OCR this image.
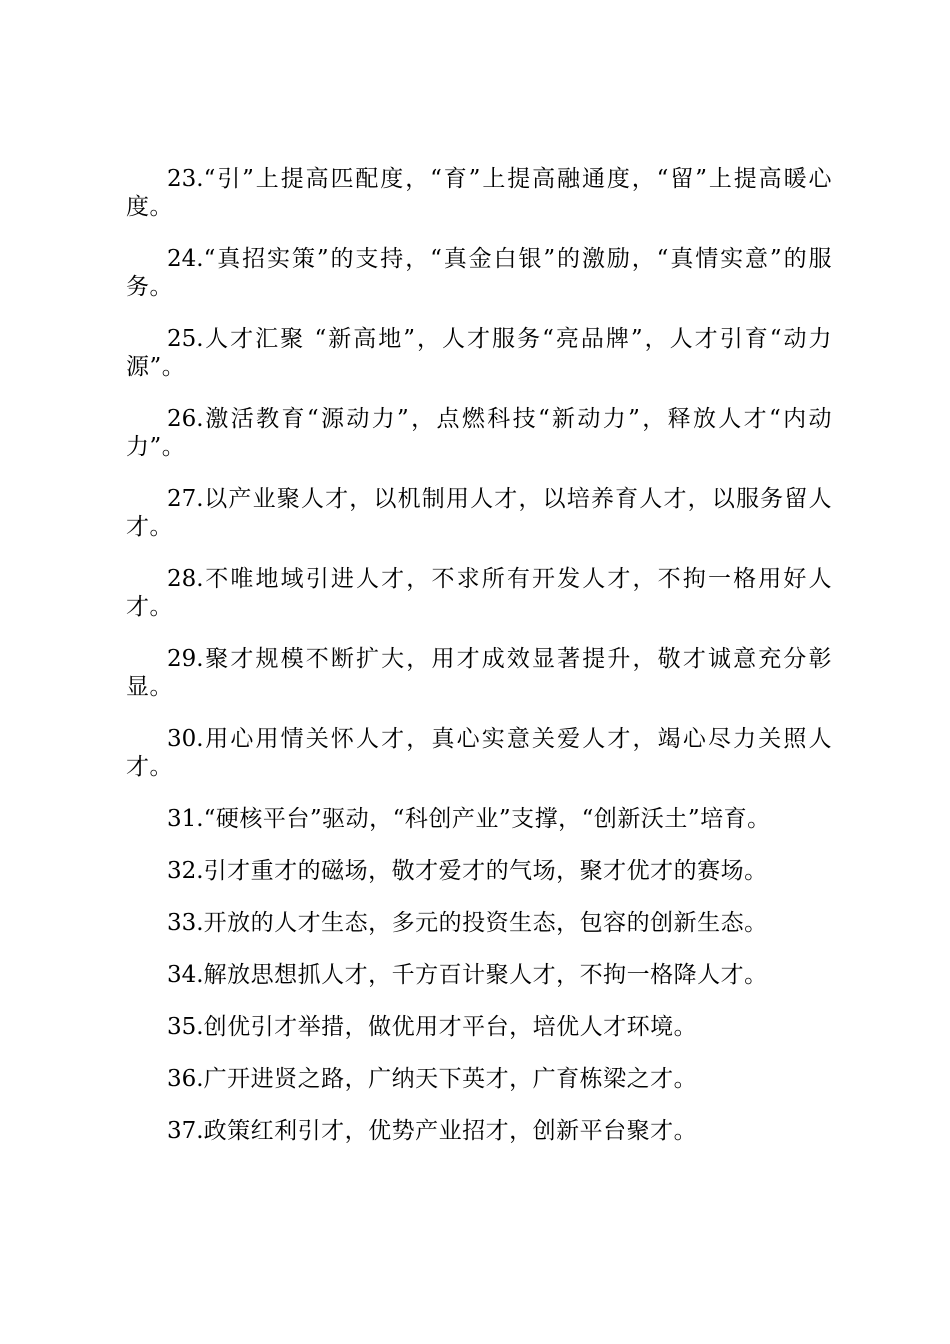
23.“引”上提高匹配度，“育”上提高融通度，“留”上提高暖心度。

24.“真招实策”的支持，“真金白银”的激励，“真情实意”的服务。

25.人才汇聚 “新高地”，人才服务“亮品牌”，人才引育“动力源”。

26.激活教育“源动力”，点燃科技“新动力”，释放人才“内动力”。

27.以产业聚人才，以机制用人才，以培养育人才，以服务留人才。

28.不唯地域引进人才，不求所有开发人才，不拘一格用好人才。

29.聚才规模不断扩大，用才成效显著提升，敬才诚意充分彰显。

30.用心用情关怀人才，真心实意关爱人才，竭心尽力关照人才。

31.“硬核平台”驱动，“科创产业”支撑，“创新沃土”培育。

32.引才重才的磁场，敬才爱才的气场，聚才优才的赛场。

33.开放的人才生态，多元的投资生态，包容的创新生态。

34.解放思想抓人才，千方百计聚人才，不拘一格降人才。

35.创优引才举措，做优用才平台，培优人才环境。

36.广开进贤之路，广纳天下英才，广育栋梁之才。

37.政策红利引才，优势产业招才，创新平台聚才。
